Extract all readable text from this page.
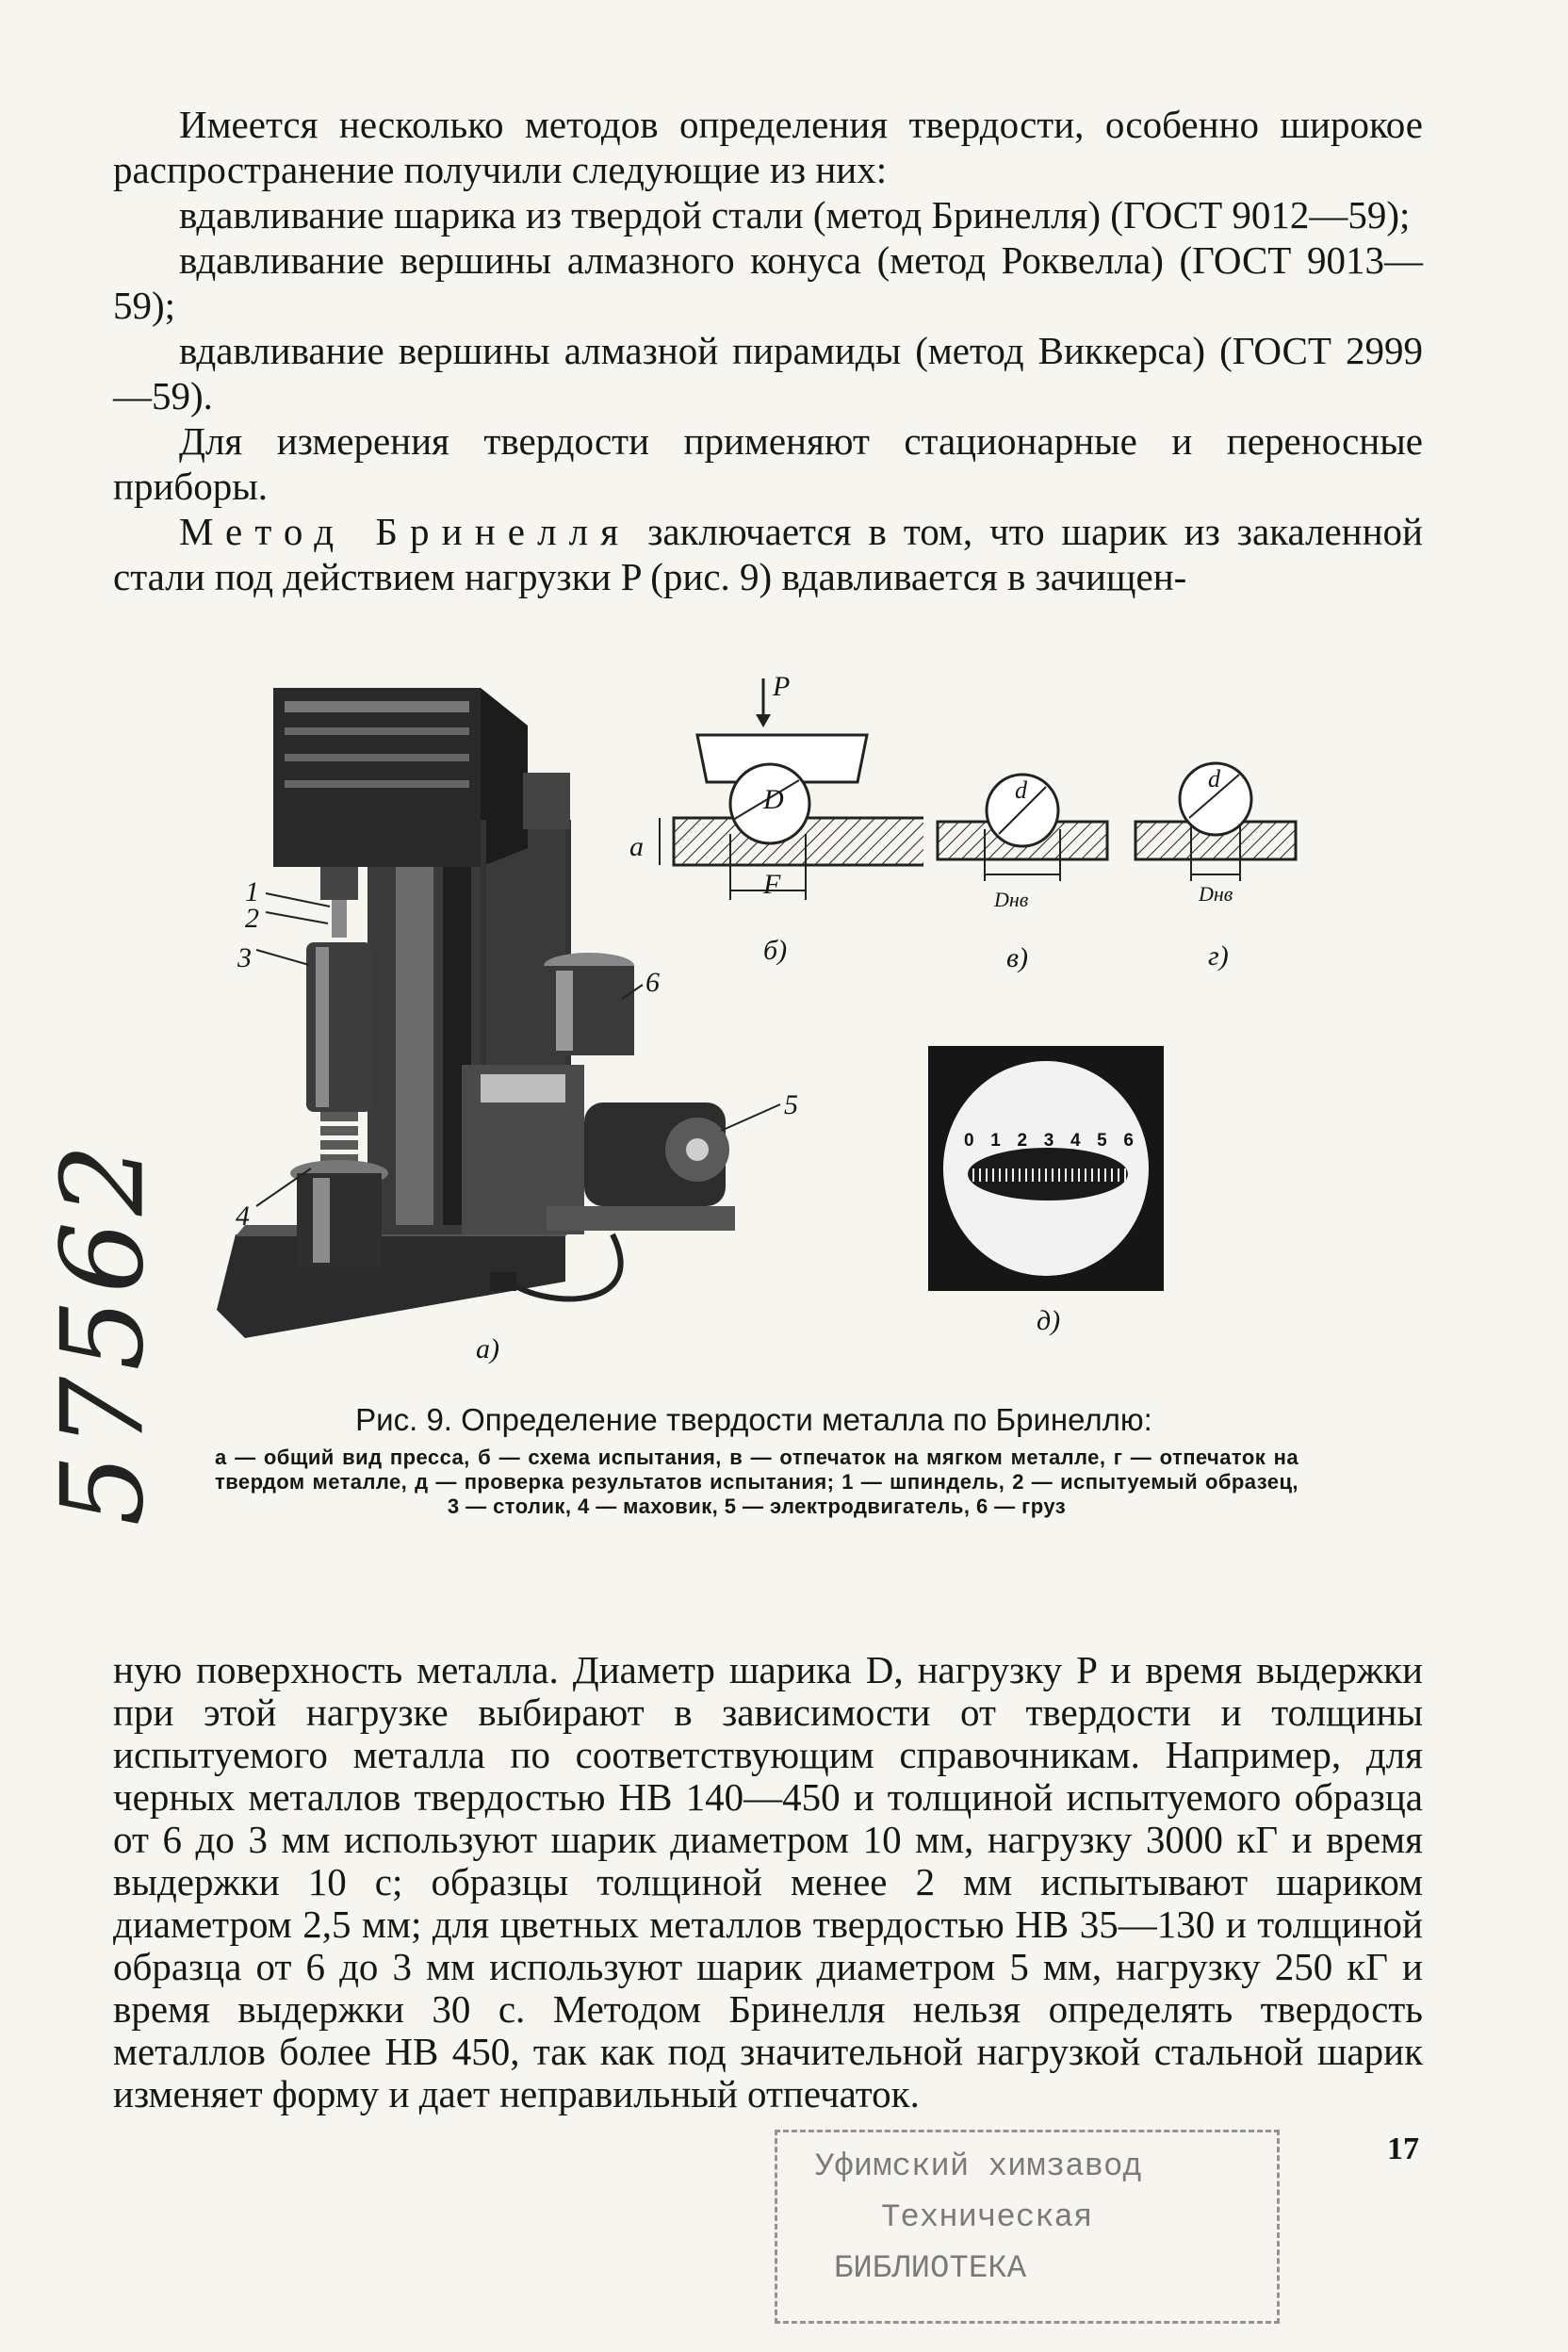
Имеется несколько методов определения твердости, особенно широкое распространение получили следующие из них:

вдавливание шарика из твердой стали (метод Бринелля) (ГОСТ 9012—59);

вдавливание вершины алмазного конуса (метод Роквелла) (ГОСТ 9013—59);

вдавливание вершины алмазной пирамиды (метод Виккерса) (ГОСТ 2999—59).

Для измерения твердости применяют стационарные и переносные приборы.

Метод Бринелля заключается в том, что шарик из закаленной стали под действием нагрузки P (рис. 9) вдавливается в зачищен-

1
2
3
4
5
6
а)
P
D
F
a
б)
d
Dнв
в)
d
Dнв
г)
0 1 2 3 4 5 6
д)
Рис. 9. Определение твердости металла по Бринеллю:
а — общий вид пресса, б — схема испытания, в — отпечаток на мягком металле, г — отпечаток на твердом металле, д — проверка результатов испытания; 1 — шпиндель, 2 — испытуемый образец, 3 — столик, 4 — маховик, 5 — электродвигатель, 6 — груз

ную поверхность металла. Диаметр шарика D, нагрузку P и время выдержки при этой нагрузке выбирают в зависимости от твердости и толщины испытуемого металла по соответствующим справочникам. Например, для черных металлов твердостью HB 140—450 и толщиной испытуемого образца от 6 до 3 мм используют шарик диаметром 10 мм, нагрузку 3000 кГ и время выдержки 10 с; образцы толщиной менее 2 мм испытывают шариком диаметром 2,5 мм; для цветных металлов твердостью HB 35—130 и толщиной образца от 6 до 3 мм используют шарик диаметром 5 мм, нагрузку 250 кГ и время выдержки 30 с. Методом Бринелля нельзя определять твердость металлов более HB 450, так как под значительной нагрузкой стальной шарик изменяет форму и дает неправильный отпечаток.

17
Уфимский химзавод
Техническая
БИБЛИОТЕКА
57562
